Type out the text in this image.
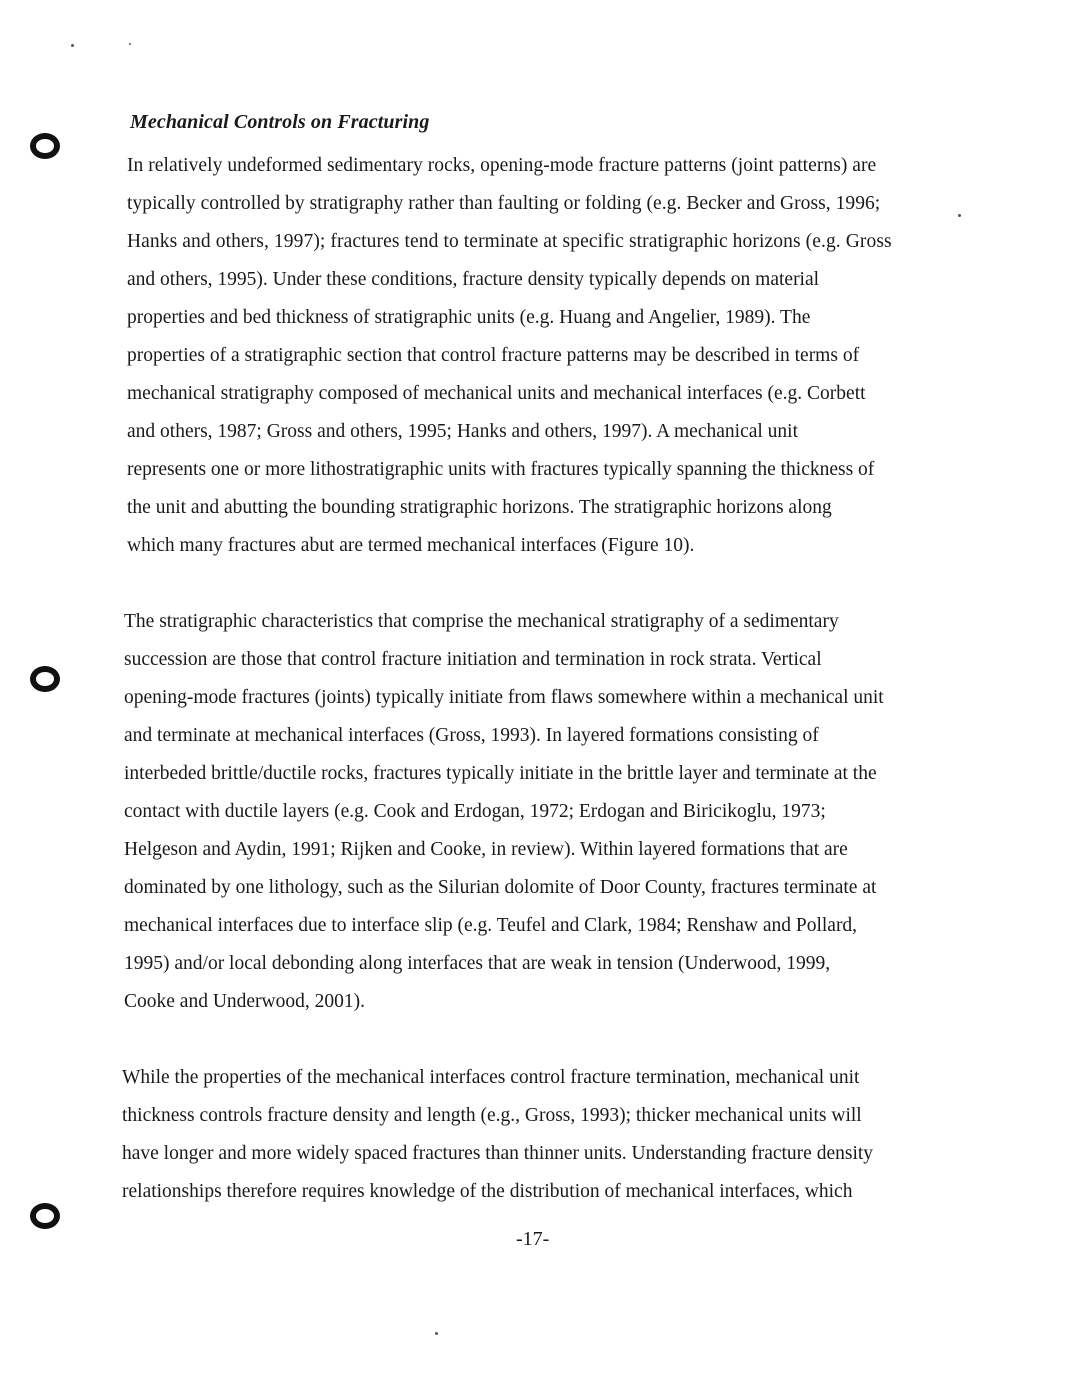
Mechanical Controls on Fracturing
In relatively undeformed sedimentary rocks, opening-mode fracture patterns (joint patterns) are
typically controlled by stratigraphy rather than faulting or folding (e.g. Becker and Gross, 1996;
Hanks and others, 1997); fractures tend to terminate at specific stratigraphic horizons (e.g. Gross
and others, 1995). Under these conditions, fracture density typically depends on material
properties and bed thickness of stratigraphic units (e.g. Huang and Angelier, 1989). The
properties of a stratigraphic section that control fracture patterns may be described in terms of
mechanical stratigraphy composed of mechanical units and mechanical interfaces (e.g. Corbett
and others, 1987; Gross and others, 1995; Hanks and others, 1997). A mechanical unit
represents one or more lithostratigraphic units with fractures typically spanning the thickness of
the unit and abutting the bounding stratigraphic horizons. The stratigraphic horizons along
which many fractures abut are termed mechanical interfaces (Figure 10).
The stratigraphic characteristics that comprise the mechanical stratigraphy of a sedimentary
succession are those that control fracture initiation and termination in rock strata. Vertical
opening-mode fractures (joints) typically initiate from flaws somewhere within a mechanical unit
and terminate at mechanical interfaces (Gross, 1993). In layered formations consisting of
interbeded brittle/ductile rocks, fractures typically initiate in the brittle layer and terminate at the
contact with ductile layers (e.g. Cook and Erdogan, 1972; Erdogan and Biricikoglu, 1973;
Helgeson and Aydin, 1991; Rijken and Cooke, in review). Within layered formations that are
dominated by one lithology, such as the Silurian dolomite of Door County, fractures terminate at
mechanical interfaces due to interface slip (e.g. Teufel and Clark, 1984; Renshaw and Pollard,
1995) and/or local debonding along interfaces that are weak in tension (Underwood, 1999,
Cooke and Underwood, 2001).
While the properties of the mechanical interfaces control fracture termination, mechanical unit
thickness controls fracture density and length (e.g., Gross, 1993); thicker mechanical units will
have longer and more widely spaced fractures than thinner units. Understanding fracture density
relationships therefore requires knowledge of the distribution of mechanical interfaces, which
-17-
